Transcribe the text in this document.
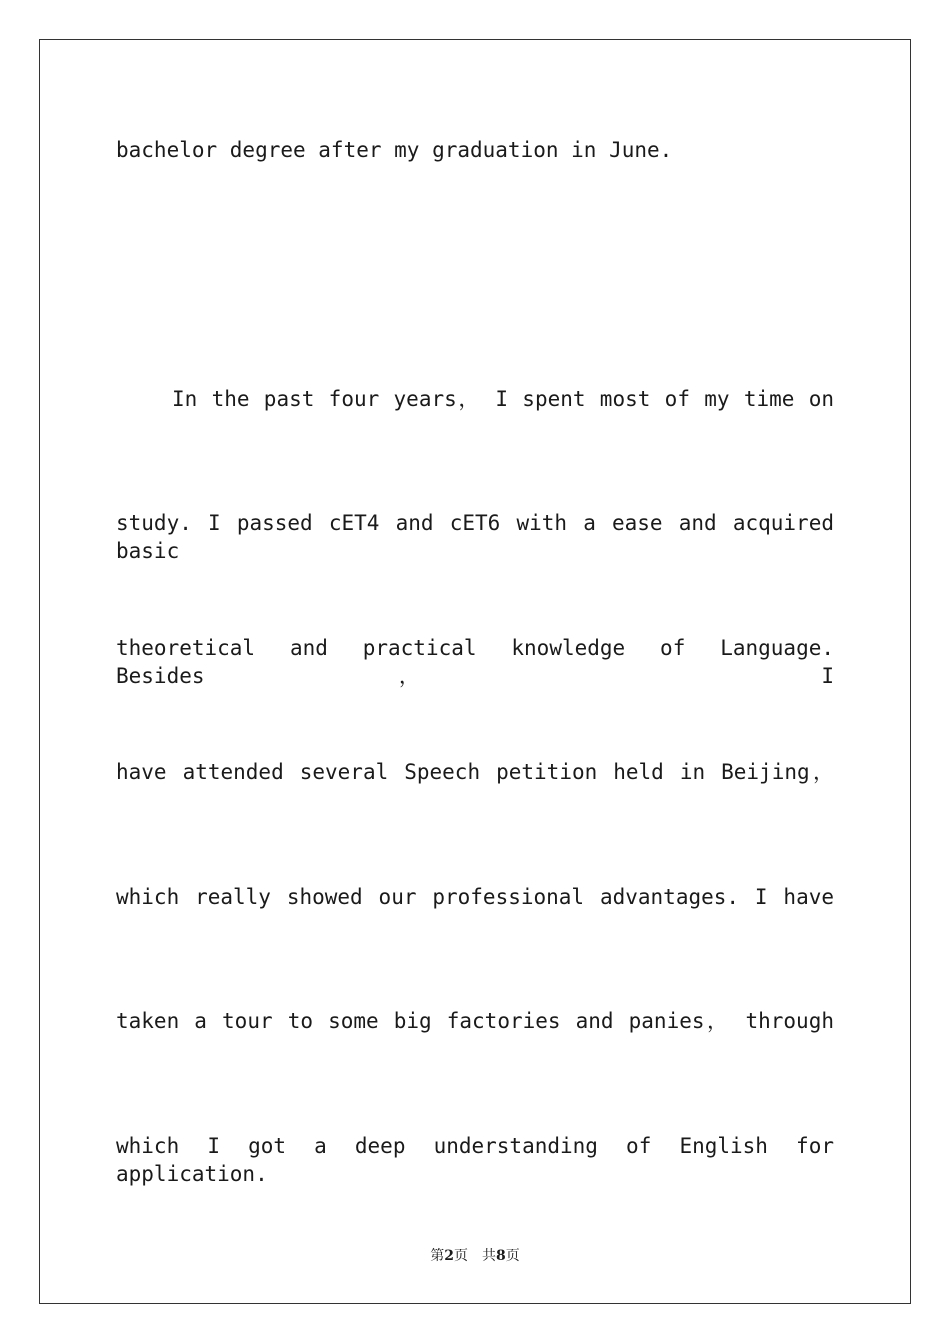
bachelor degree after my graduation in June.

In the past four years， I spent most of my time on

study. I passed cET4 and cET6 with a ease and acquired basic

theoretical and practical knowledge of Language. Besides， I

have attended several Speech petition held in Beijing，

which really showed our professional advantages. I have

taken a tour to some big factories and panies， through

which I got a deep understanding of English for application.

第2页 共8页
